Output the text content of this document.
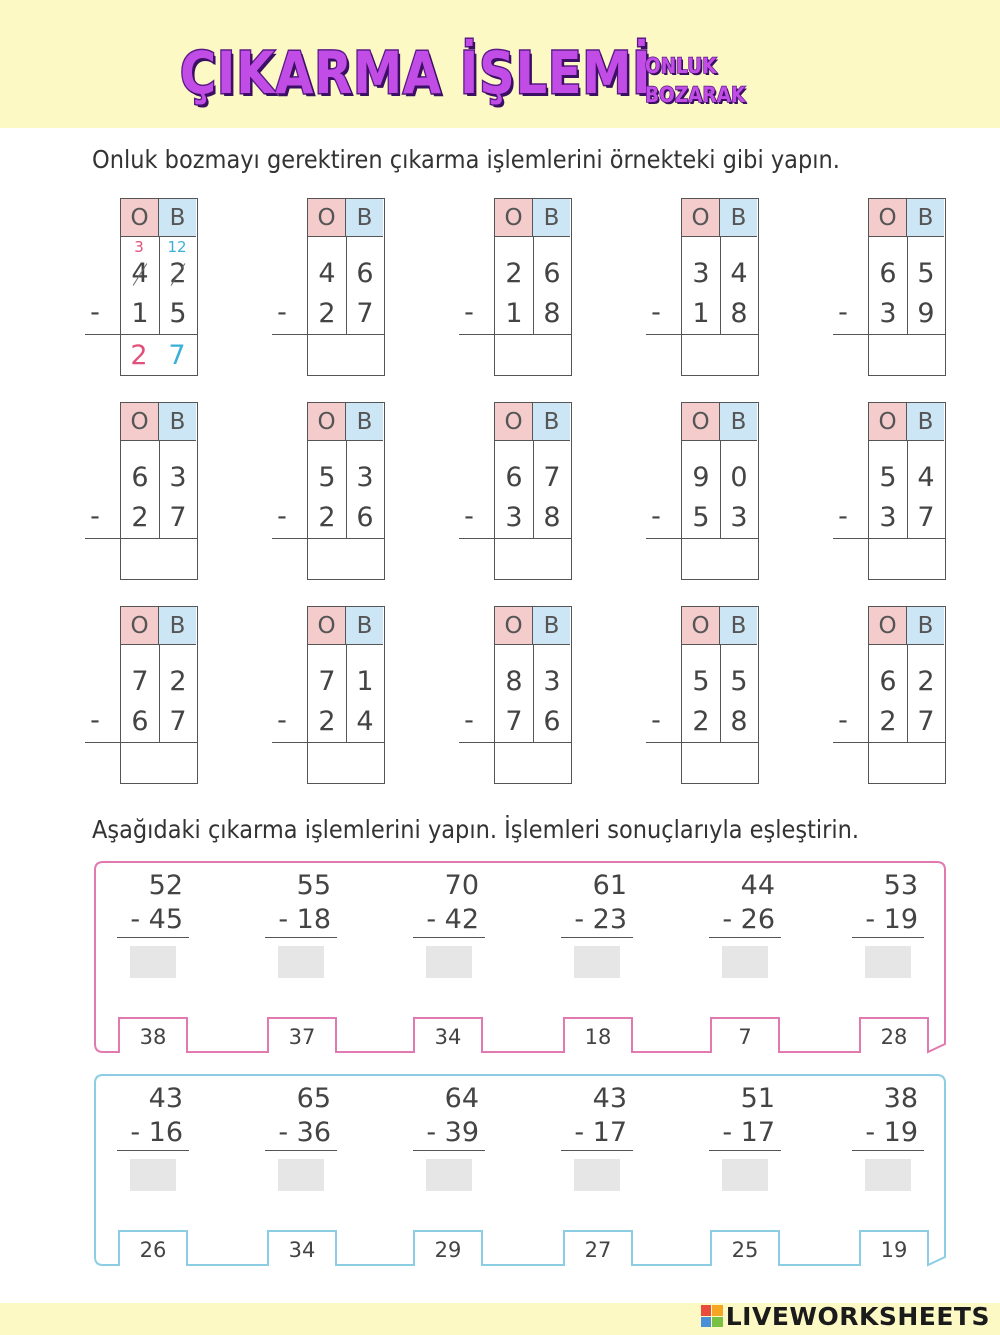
ÇIKARMA İŞLEMİ
ONLUK
BOZARAK
Onluk bozmayı gerektiren çıkarma işlemlerini örnekteki gibi yapın.
O B
4 2
1 5
-
3	12
2 7
O B
4 6
2 7
-
O B
2 6
1 8
-
O B
3 4
1 8
-
O B
6 5
3 9
-
O B
6 3
2 7
-
O B
5 3
2 6
-
O B
6 7
3 8
-
O B
9 0
5 3
-
O B
5 4
3 7
-
O B
7 2
6 7
-
O B
7 1
2 4
-
O B
8 3
7 6
-
O B
5 5
2 8
-
O B
6 2
2 7
-
Aşağıdaki çıkarma işlemlerini yapın. İşlemleri sonuçlarıyla eşleştirin.
52
- 45
55
- 18
70
- 42
61
- 23
44
- 26
53
- 19
38	37	34	18	7	28
43
- 16
65
- 36
64
- 39
43
- 17
51
- 17
38
- 19
26	34	29	27	25	19
LIVEWORKSHEETS
